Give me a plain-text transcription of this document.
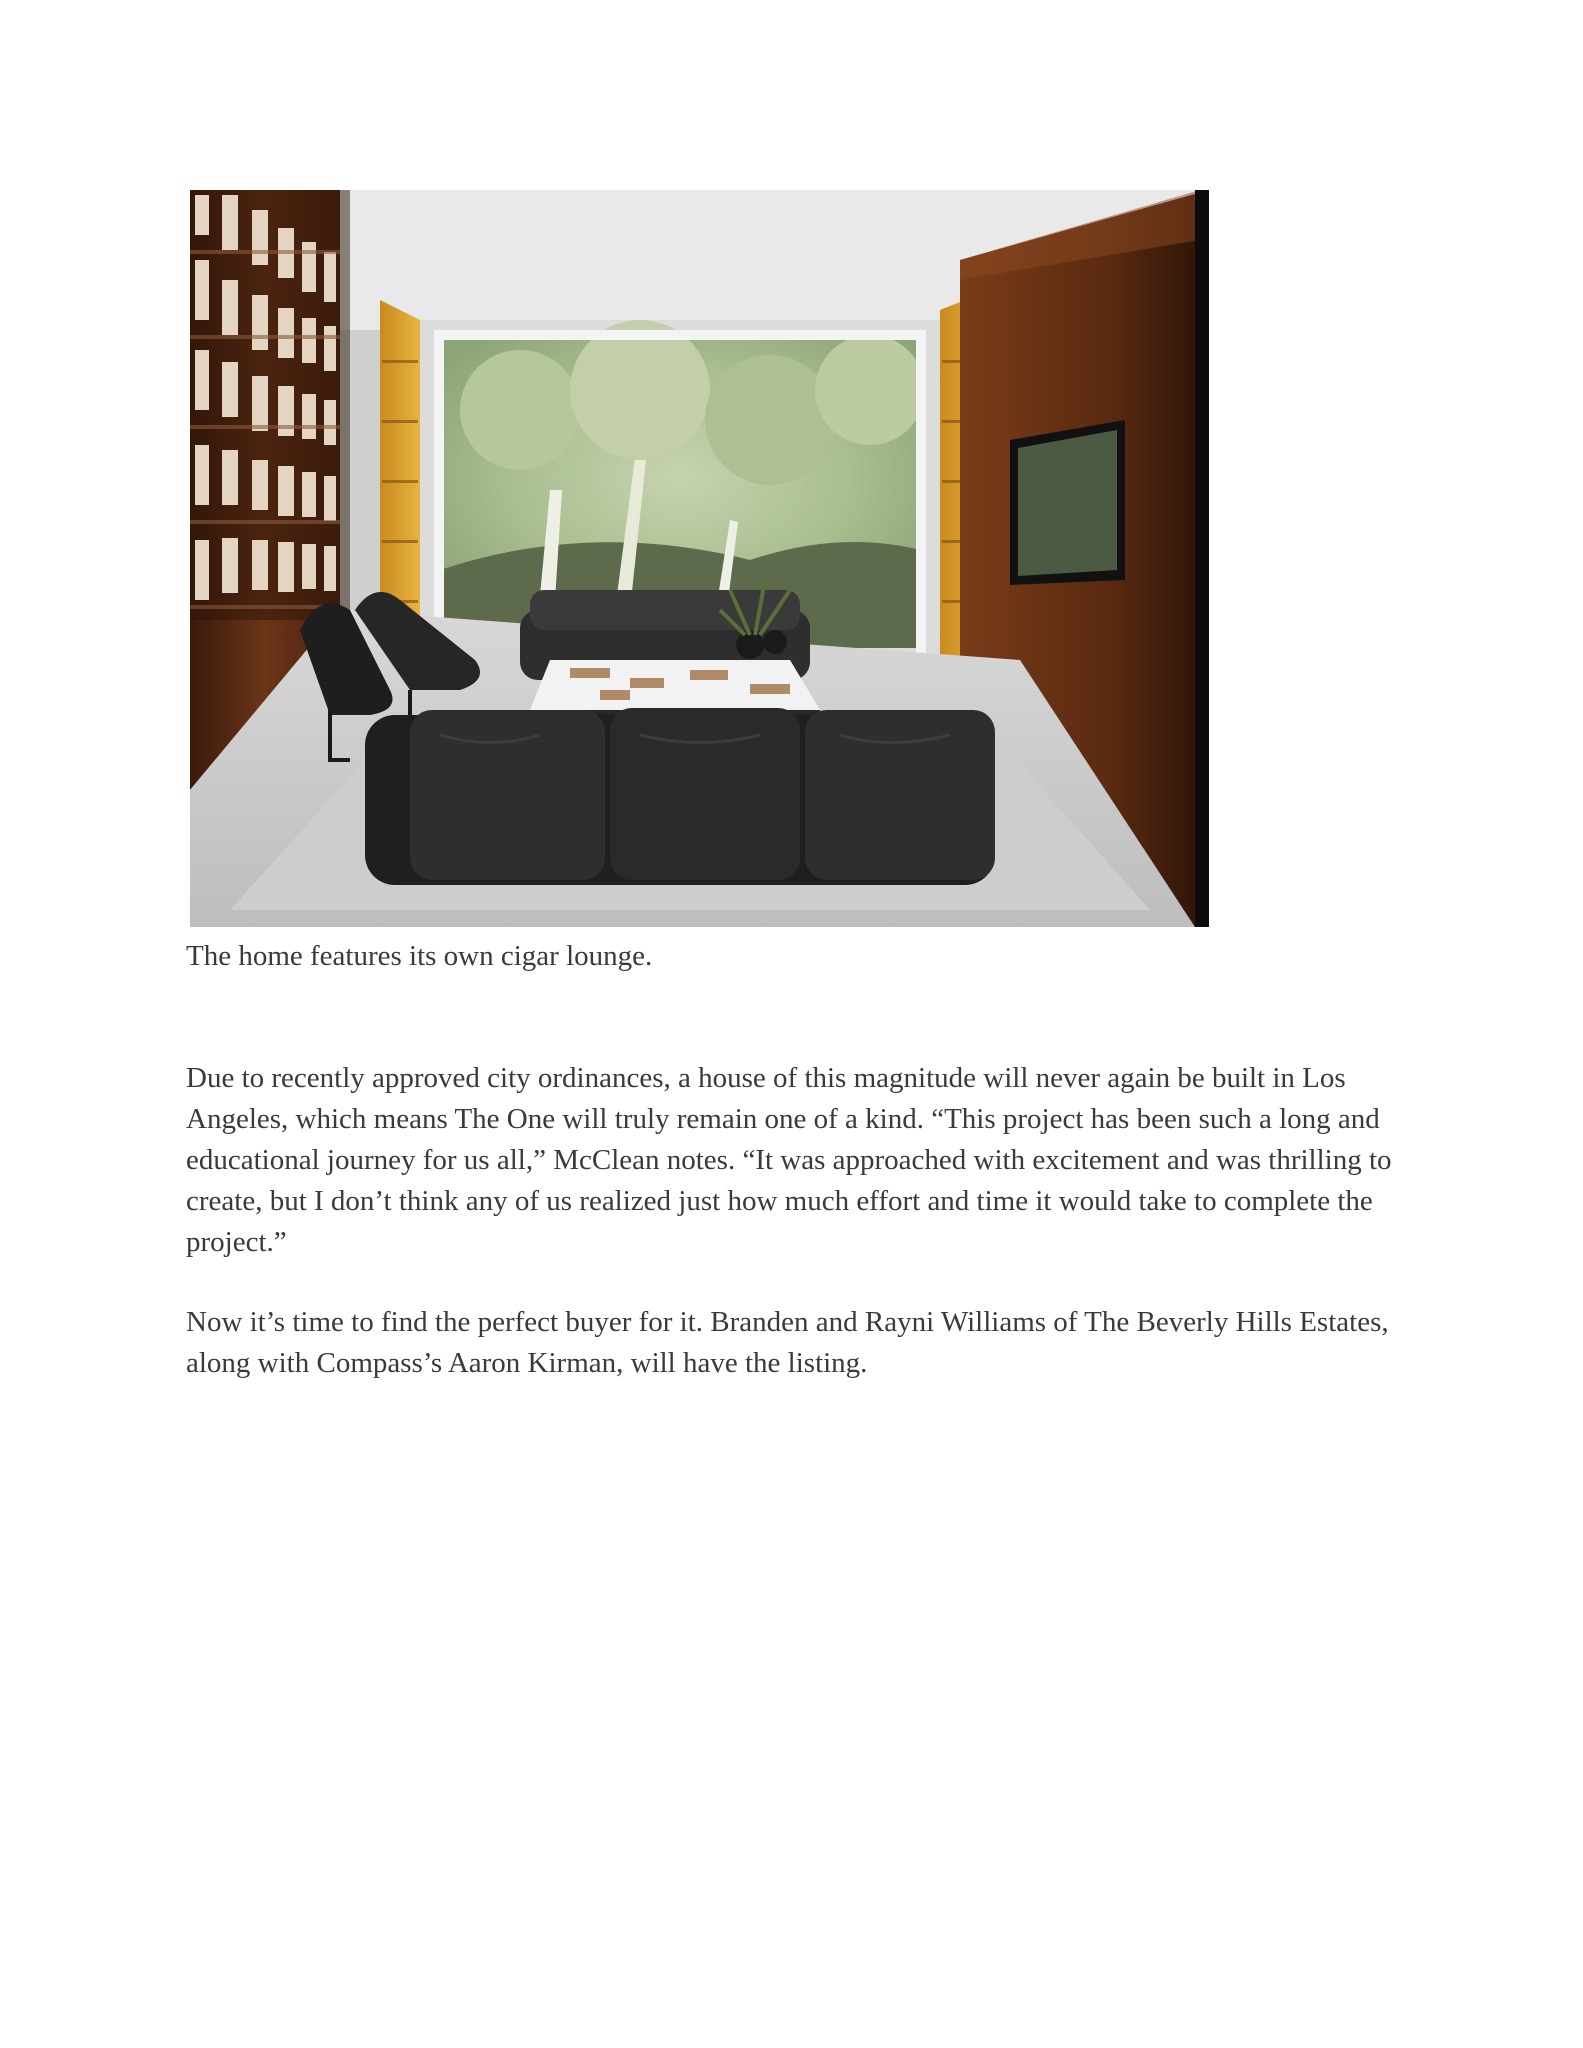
The home features its own cigar lounge.

Due to recently approved city ordinances, a house of this magnitude will never again be built in Los Angeles, which means The One will truly remain one of a kind. “This project has been such a long and educational journey for us all,” McClean notes. “It was approached with excitement and was thrilling to create, but I don’t think any of us realized just how much effort and time it would take to complete the project.”

Now it’s time to find the perfect buyer for it. Branden and Rayni Williams of The Beverly Hills Estates, along with Compass’s Aaron Kirman, will have the listing.
